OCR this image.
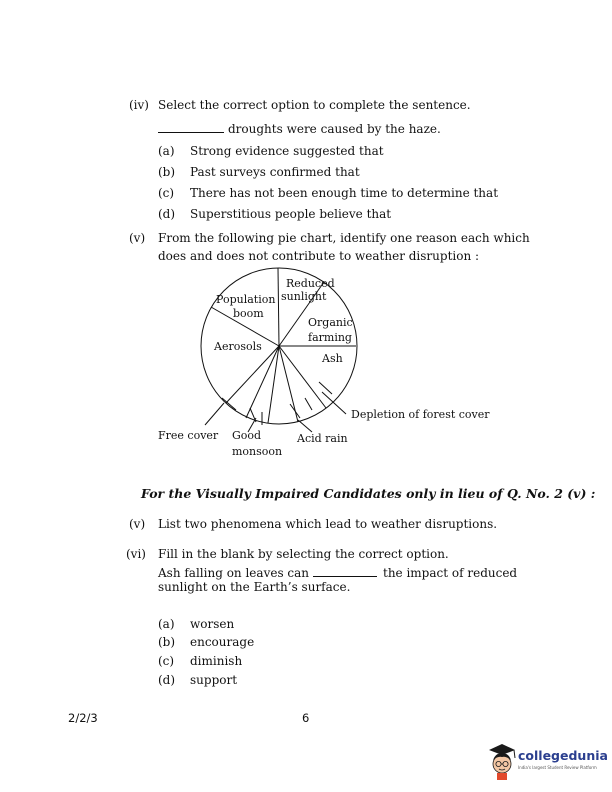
(iv) Select the correct option to complete the sentence.
droughts were caused by the haze.
(a) Strong evidence suggested that
(b) Past surveys confirmed that
(c) There has not been enough time to determine that
(d) Superstitious people believe that
(v) From the following pie chart, identify one reason each which
does and does not contribute to weather disruption :
Reduced
sunlight
Population
boom
Organic
farming
Aerosols
Ash
Depletion of forest cover
Free cover Good
monsoon
Acid rain
For the Visually Impaired Candidates only in lieu of Q. No. 2 (v) :
(v) List two phenomena which lead to weather disruptions.
(vi) Fill in the blank by selecting the correct option.
Ash falling on leaves can	the impact of reduced
sunlight on the Earth’s surface.
(a) worsen
(b) encourage
(c) diminish
(d) support
2/2/3	6
collegedunia
India's largest Student Review Platform
